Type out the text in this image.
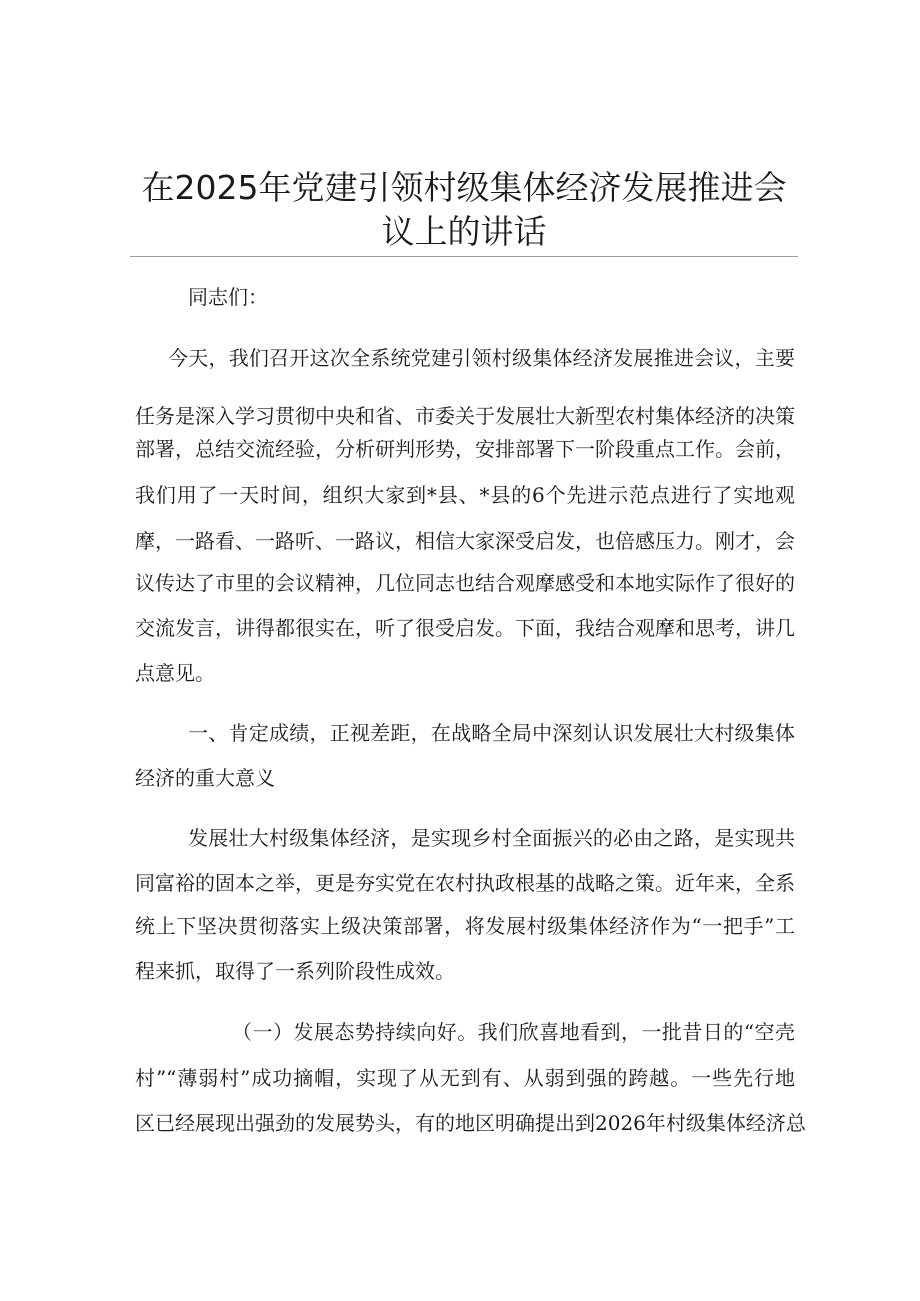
在2025年党建引领村级集体经济发展推进会
议上的讲话
同志们：
今天，我们召开这次全系统党建引领村级集体经济发展推进会议，主要
任务是深入学习贯彻中央和省、市委关于发展壮大新型农村集体经济的决策
部署，总结交流经验，分析研判形势，安排部署下一阶段重点工作。会前，
我们用了一天时间，组织大家到*县、*县的6个先进示范点进行了实地观
摩，一路看、一路听、一路议，相信大家深受启发，也倍感压力。刚才，会
议传达了市里的会议精神，几位同志也结合观摩感受和本地实际作了很好的
交流发言，讲得都很实在，听了很受启发。下面，我结合观摩和思考，讲几
点意见。
一、肯定成绩，正视差距，在战略全局中深刻认识发展壮大村级集体
经济的重大意义
发展壮大村级集体经济，是实现乡村全面振兴的必由之路，是实现共
同富裕的固本之举，更是夯实党在农村执政根基的战略之策。近年来，全系
统上下坚决贯彻落实上级决策部署，将发展村级集体经济作为“一把手”工
程来抓，取得了一系列阶段性成效。
（一）发展态势持续向好。我们欣喜地看到，一批昔日的“空壳
村”“薄弱村”成功摘帽，实现了从无到有、从弱到强的跨越。一些先行地
区已经展现出强劲的发展势头，有的地区明确提出到2026年村级集体经济总
